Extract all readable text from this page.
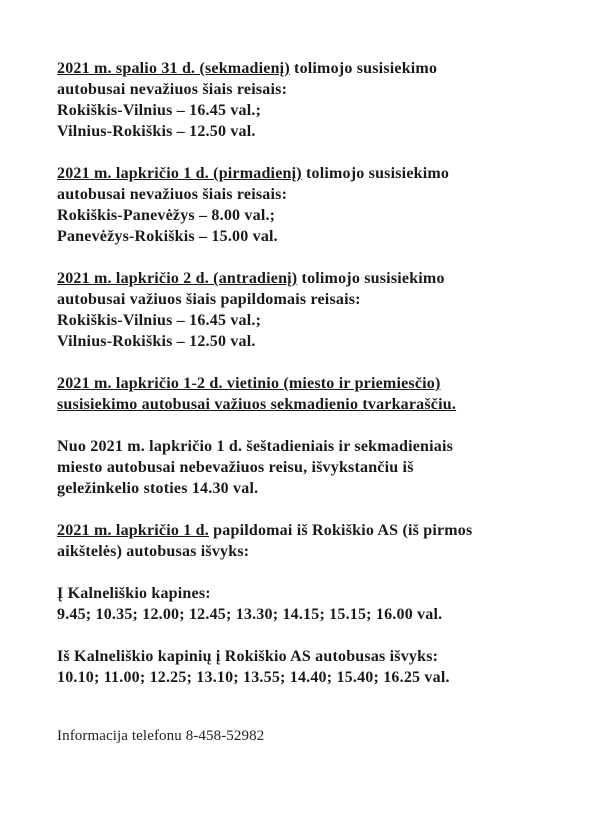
2021 m. spalio 31 d. (sekmadienį) tolimojo susisiekimo
autobusai nevažiuos šiais reisais:
Rokiškis-Vilnius – 16.45 val.;
Vilnius-Rokiškis – 12.50 val.

2021 m. lapkričio 1 d. (pirmadienį) tolimojo susisiekimo
autobusai nevažiuos šiais reisais:
Rokiškis-Panevėžys – 8.00 val.;
Panevėžys-Rokiškis – 15.00 val.

2021 m. lapkričio 2 d. (antradienį) tolimojo susisiekimo
autobusai važiuos šiais papildomais reisais:
Rokiškis-Vilnius – 16.45 val.;
Vilnius-Rokiškis – 12.50 val.

2021 m. lapkričio 1-2 d. vietinio (miesto ir priemiesčio)
susisiekimo autobusai važiuos sekmadienio tvarkaraščiu.

Nuo 2021 m. lapkričio 1 d. šeštadieniais ir sekmadieniais
miesto autobusai nebevažiuos reisu, išvykstančiu iš
geležinkelio stoties 14.30 val.

2021 m. lapkričio 1 d. papildomai iš Rokiškio AS (iš pirmos
aikštelės) autobusas išvyks:

Į Kalneliškio kapines:
9.45; 10.35; 12.00; 12.45; 13.30; 14.15; 15.15; 16.00 val.

Iš Kalneliškio kapinių į Rokiškio AS autobusas išvyks:
10.10; 11.00; 12.25; 13.10; 13.55; 14.40; 15.40; 16.25 val.

Informacija telefonu 8-458-52982
